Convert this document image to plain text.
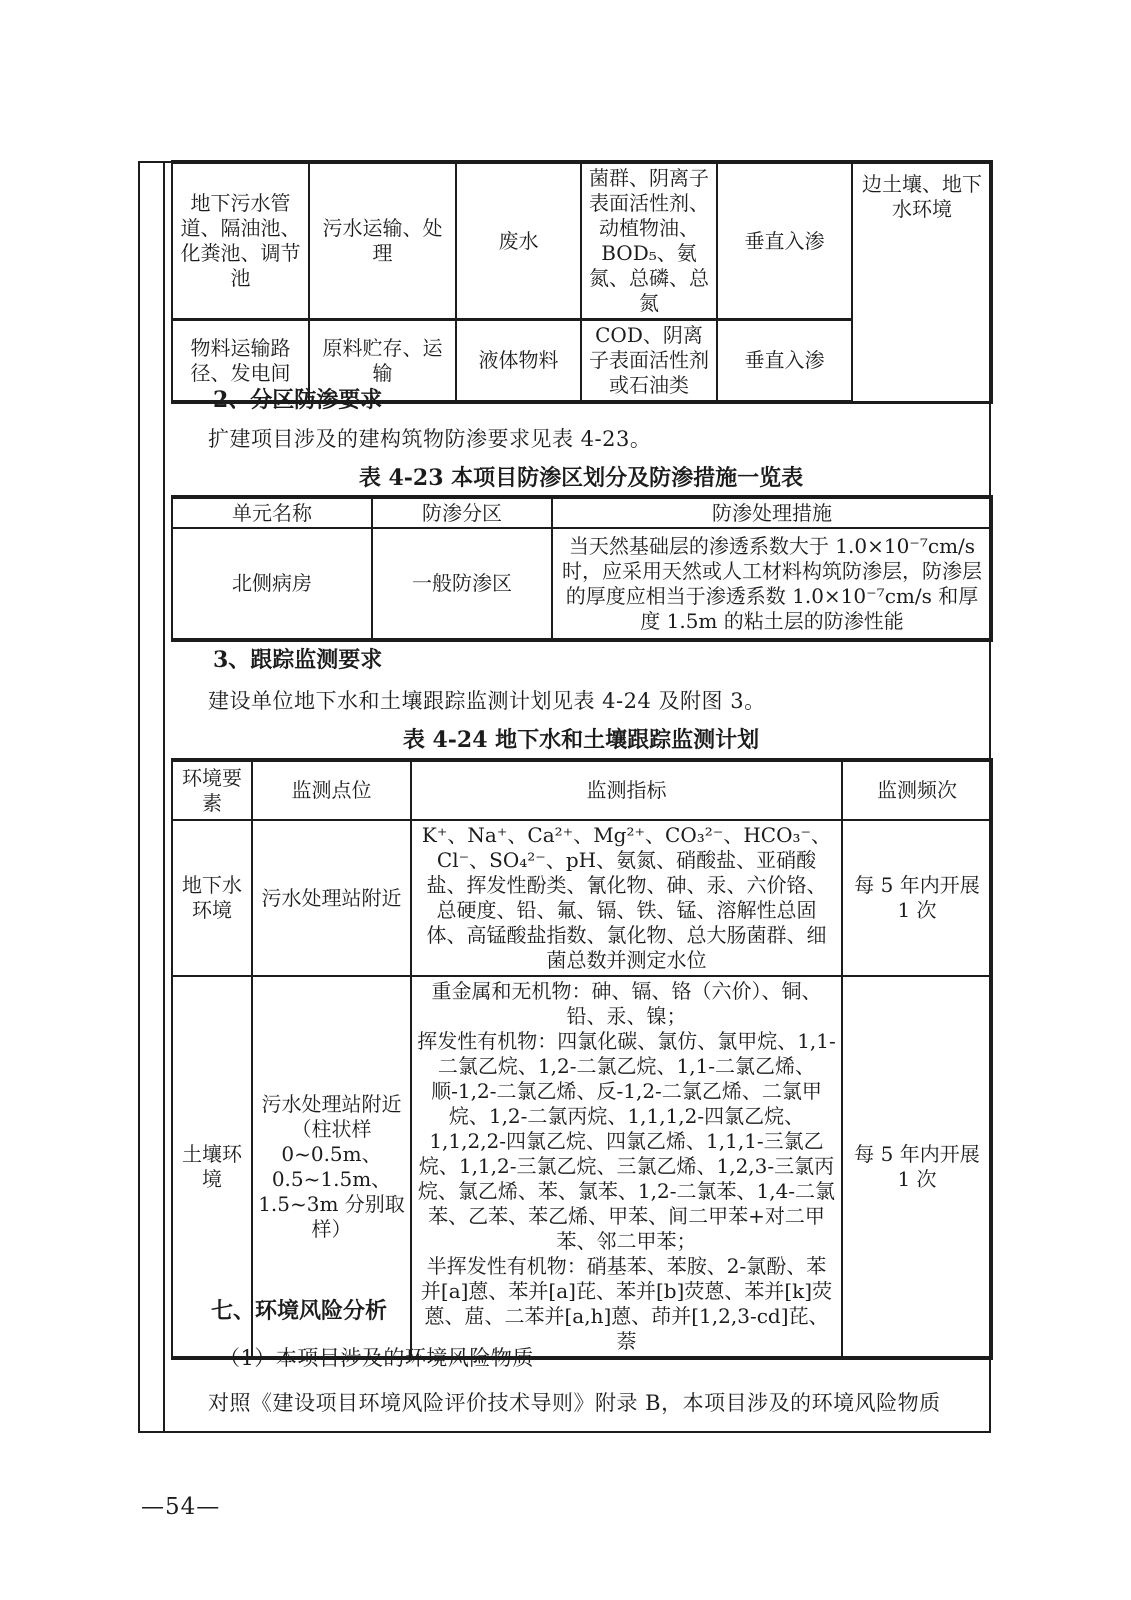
地下污水管道、隔油池、化粪池、调节池	污水运输、处理	废水	菌群、阴离子表面活性剂、动植物油、BOD₅、氨氮、总磷、总氮	垂直入渗	边土壤、地下水环境
物料运输路径、发电间	原料贮存、运输	液体物料	COD、阴离子表面活性剂或石油类	垂直入渗	
2、分区防渗要求
扩建项目涉及的建构筑物防渗要求见表 4-23。
表 4-23 本项目防渗区划分及防渗措施一览表
单元名称	防渗分区	防渗处理措施
北侧病房	一般防渗区	当天然基础层的渗透系数大于 1.0×10⁻⁷cm/s 时，应采用天然或人工材料构筑防渗层，防渗层的厚度应相当于渗透系数 1.0×10⁻⁷cm/s 和厚度 1.5m 的粘土层的防渗性能
3、跟踪监测要求
建设单位地下水和土壤跟踪监测计划见表 4-24 及附图 3。
表 4-24 地下水和土壤跟踪监测计划
环境要素	监测点位	监测指标	监测频次
地下水环境	污水处理站附近	K⁺、Na⁺、Ca²⁺、Mg²⁺、CO₃²⁻、HCO₃⁻、Cl⁻、SO₄²⁻、pH、氨氮、硝酸盐、亚硝酸盐、挥发性酚类、氰化物、砷、汞、六价铬、总硬度、铅、氟、镉、铁、锰、溶解性总固体、高锰酸盐指数、氯化物、总大肠菌群、细菌总数并测定水位	每 5 年内开展 1 次
土壤环境	污水处理站附近（柱状样 0~0.5m、0.5~1.5m、1.5~3m 分别取样）	重金属和无机物：砷、镉、铬（六价）、铜、铅、汞、镍；
挥发性有机物：四氯化碳、氯仿、氯甲烷、1,1-二氯乙烷、1,2-二氯乙烷、1,1-二氯乙烯、顺-1,2-二氯乙烯、反-1,2-二氯乙烯、二氯甲烷、1,2-二氯丙烷、1,1,1,2-四氯乙烷、1,1,2,2-四氯乙烷、四氯乙烯、1,1,1-三氯乙烷、1,1,2-三氯乙烷、三氯乙烯、1,2,3-三氯丙烷、氯乙烯、苯、氯苯、1,2-二氯苯、1,4-二氯苯、乙苯、苯乙烯、甲苯、间二甲苯+对二甲苯、邻二甲苯；
半挥发性有机物：硝基苯、苯胺、2-氯酚、苯并[a]蒽、苯并[a]芘、苯并[b]荧蒽、苯并[k]荧蒽、䓛、二苯并[a,h]蒽、茚并[1,2,3-cd]芘、萘	每 5 年内开展 1 次
七、环境风险分析
（1）本项目涉及的环境风险物质
对照《建设项目环境风险评价技术导则》附录 B，本项目涉及的环境风险物质
—54—
